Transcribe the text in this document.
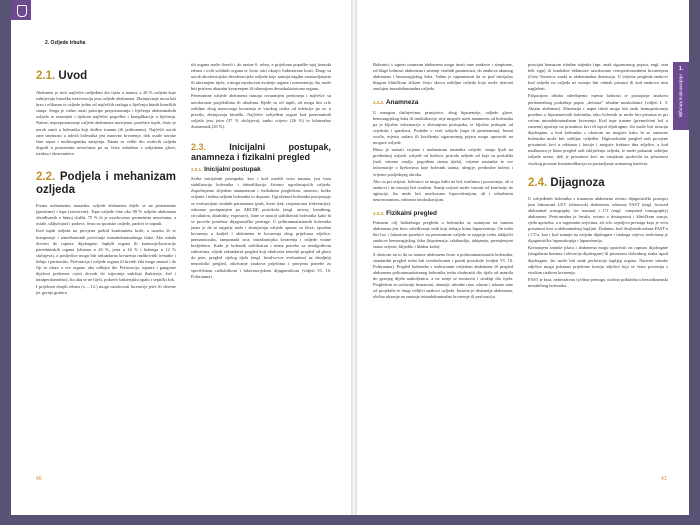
2. Ozljede trbuha
2.1. Uvod

Abdomen je treći najčešće ozlijeđeni dio tijela u traumi, a 20 % ozljeda koje zahtijevaju kiruršku intervenciju jesu ozljede abdomena. Zbrinjavanje mora biti brzo i efikasno te ozljede jedno od najčešćih razloga u liječenju hitnih kirurških stanja. Stoga je važno znati principe prepoznavanja i liječenja abdominalnih ozljeda te razumjeti i tijekom najčešće pogreške i komplikacije u liječenju. Naime, neprepoznavanje ozljeda abdomena navrijeme, posebice tupih, često je uzrok smrti u bolesnika koji dođive traumu (ili politraumu). Najčešći uzrok rane smrtnosti u takvih bolesnika jest masivno krvarenje, dok ostale uzroke čine sepsa i multiorganska zatajenja. Danas se veliki dio ovakvih ozljeda dogodi u prometnim nesrećama pa su često udružene s ozljedama glave, toraksa i ekstremiteta.

2.2. Podjela i mehanizam ozljeda

Prema mehanizmu nastanka, ozljede abdomena dijele se na penetrantne (prodorne) i tupe (zatvorene). Tupe ozljede čine oko 80 % ozljeda abdomena obrađivanih u hitnoj službi, 75 % ih je uzrokovano prometnim nesrećama, a ostale, uključujući i padove, često su sportske ozljede, padovi te napadi.

Kod tupih ozljeda na procjenu prekid kontinuiteta kože, a uzroku ih se kompresije i izmeđunosnih povećanje intraabdominalnoga tlaka. Ako mlada dovesti do rupture dijafragme, šupljih organa ili kontuzije/laceracije parenhimskih organa (slezena u 26 %, jetra u 16 % i bubrega u 12 % slučajeva), a posljedice mogu biti sekundarna krvarenja razlikovitih trenutke i ležaju i peritonitis. Perforacija i ozljede organa ili krvnih žila mogu nastati i do čiji se ulaze u sve organe, ako odbojni dio Perforacija, rupture i gangrene dijelova probavne cijevi dovodi do istjecanja sadržaja (bakterije, žuč i intraperitonealno), što aku se ne liječi, pokreće bakterijsku upalu i septički šok.

I prijelomi donjih rebara (s. – 12.) mogu uzrokovati laceracije jetre ili slezene jer gornja granica

tih organa može doseći i do razine 6. rebra, a prijeloma popuške njoj kontakt rebara i ovih solidnih organa te često otiri okrajci frakturirane kosti. Drugi su uzrok akceleracijsko-deceleracijske ozljede koje nastaju naglim zaustavljanjem ili ubrzanjem tijela, a mogu uzrokovati avulziju organa i mezenterija, što može biti praćeno akutnim krvarenjem ili ishemijom devaskularizirana organa.

Penetrantne ozljede abdomena nastaju otvaranjem peritoneja i najčešće su uzrokovane projektilima ili ubodima. Rjeđe su od tupih, ali mogu biti vrlo ozbiljne zbog masivnoga krvarenja te visokog rizika od infekcije pa se, u pravilu, zbrinjavaju kirurški. Najčešće ozlijeđeni organi kod penetrantnih ozljeda jesu jetra (37 % slučajeva), tanko crijevo (26 %) te bilateralno dvanaesnik (20 %).

2.3.	Inicijalni postupak, anamneza i fizikalni pregled
2.3.1. Inicijalni postupak

Svrha inicijalnih postupaka, kao i kod ostalih vrsta trauma, jest brza stabilizacija bolesnika i identifikacija životno ugrožavajućih ozljeda. Započinjemo slijedom anamnezom i fizikalnim pregledom, naravno, kolko vrijeme i težina ozljeda bolesnika to dopuste. Ugroženost bolesnika procjenjuje se evaluacijom vitalnih parametara (puls, krvni tlak, respiratorna frekvencija), odnosno postupanjem po ABCDE protokolu (engl. airway, breathing, circulation, disability, exposure), čime se nastoji stabilizirati bolesnika kako bi se provele potrebne dijagnostičke pretrage. U politraumatiziranih bolesnika jasno je da se najprije traže i zbrinjavaju ozljede opasne za život: opsežna krvarenja u kralješ i abdomenu te krvarenja zbog prijeloma zdjelice, pneumotoraks, tamponada srca, intrakranijska krvarenja i ozljede vratne kralježnice. Kada je bolesnik stabiliziran i nema potrebe za neodgodivim zahvatima, slijedi sekundarni pregled koji obuhvaća temeljit pregled od glave do pete, pregled cijelog tijela (engl. head-to-toe evaluation) uz detaljniji neurološki pregled, otkrivanje znakova prijeloma i procjenu potrebe za specifičnom radiološkom i laboratorijskom dijagnostikom (vidjeti VI. 10. Politrauma).

Bolesnici s tupom traumom abdomena mogu imati rane znakove i simptome, od blage bolnosti abdomena i smetnji vitalnih parametara, do znakova akutnog abdomena i hemoragijskog šoka. Važno je napomenuti da se pod inicijalno blagom kliničkom slikom često skriva ozbiljna ozljeda koja može skrivati značajna intraabdominalna ozljeda.

2.3.2. Anamneza

U mnogim slučajevima, primjerice, zbog hipotenzije, ozljede glave, hemoragijskog šoka ili intoksikacije, nije moguće uzeti anamnezu od bolesnika pa je ključno informacije o zbivanjima postupaka, te ključno prikupiti od svjedoka i spasilaca. Podatke o vrsti ozljede (tupa ili penetrantna), brzini vozila, mjestu sudara ili korištenju sigurnosnog pojasa mogu upozoriti na moguće ozljede.

Bitno je saznati vrijeme i mehanizam nastanka ozljede, stanja ljudi na prethodnoj ozljedi, ozljede od bodova, priroda ozljede od koje su poslužila (nož, vatreno oružje, pogođena strana tijela), vrijeme nastanka te sve informacije o lijekovima koje bolesnik uzima, alergije, prethodne bolesti i vrijeme posljednjeg obroka.

Ako su pri svijesti, bolesnici se mogu žaliti na bol, mučninu i povraćanje, ali ti znakovi i ne moraju biti izraženi. Stanje svijesti može varirati od konfuzije do agitacije, što može biti uzrokovano hipovolemijom, ali i udruženim neurotraumom, odnosno intoksikacijom.

2.3.3. Fizikalni pregled

Primarni cilj fizikalnoga pregleda u bolesnika sa sumnjom na traumu abdomena jest brzo određivanje onih koji trebaju hitnu laparotomiju. On treba biti brz i fokusiran posebice na penetrantne ozljede te najprije treba isključiti znakove hemoragijskog šoka (hipotenzija, tahikardija, tahipneja, promijenjeni status svijesti, blijedilo i hladna koža).

S obzirom na to da su traume abdomena često u politraumatiziranih bolesnika, standardni pregled treba biti sveobuhvatan i pratiti protokole (vidjeti VI. 10. Politrauma). Pregled bolesnika s indiciranim ozljedom abdomena ili pregled abdomena politraumatiziranog bolesnika treba obuhvatiti dio tijela od mamila do gornjeg dijela natkoljenica, a ne smije se izostaviti i stražnji dio tijela. Pregledom se uočavaju hematomi, abrazije, ubodne rane, ulazne i izlazne rane od projektila te drugi vidljivi znakovi ozljeda. Izrazita je distenzija abdomena, obično ukazuje na znatnije intraabdominalno krvarenje ili perforaciju.

postojati hematom trbušne stijenke (npr. znak sigurnosnog pojasa, engl. seat belt sign) ili lumbalne ekhimoze uzrokovane retroperitonealnim krvarenjem (Grey-Turnerov znak) te abdominalna distenzija. U vrijeme pregleda znakovi kod ozljeda na ozljeda ne moraju biti odmah prisutni ili kod znakova nisu naglašeni.

Palpacijom trbuha određujemo mjesta bolnosti te postojanje znakova peritonealnog podražaja poput „defansa” trbušne muskulature (vidjeti I. 3. Akutni abdomen). Distenzija i napet trbuh mogu biti znak hemoperitoneja posebno u hipotenzivnih bolesnika, tako bolesnik se može biti prisutna ni pri većem intraabdominalnom krvarenju. Kod tupe traume (premošćeni bol u ramenu) upućuje na prisutnost krvi ili ispod dijafragme, što može biti iritacija dijafragme, a kod bolesnika s obzirom na moguće kako bi se sastavno bolesnika može biti ozbiljno ozljeđen. Digitorektalni pregled radi procjene prisutnosti krvi u rektumu i fascije i moguće frakture dna zdjelice, a kod muškaraca je bitan pregled radi isključenja ozljeda, te može pokazati ozbiljne ozljede uretre, dok je prisutnost krvi na vanjskom spolovilu uz prisutnost visokog prostate kontraindikacija za postavljanje urinarnog katetera.

2.4. Dijagnoza

U ozlijeđenih bolesnika s traumom abdomena ovisno dijagnostički postupci jesu fokusirani UZV (ultrazvuk) abdomena, odnosno FAST (engl. focused abdominal sonography for trauma) i CT (engl. computed tomography) abdomena. Peritonealna je lavaža, ovisno o dostupnosti i kliničkom stanju, rjeđa upotreba, a u urgentnim uvjetima, ali vrlo osjetljiva pretraga koja je veća prisutnost krvi u abdominalnoj šupljini. Dodatno, kod dvojbenih nalaza FAST-a i CT-a, kao i kod sumnje na ozljedu dijafragme i tankoga crijeva, indicirana je dijagnostička laparoskopija i laparotomija.

Kreiranjem snimke pluća i abdomena mogu upućivati na rupturu dijafragme (singularna kontura i elevacija dijafragme) ili prisutnost slobodnog zraka ispod dijafragme, što može biti znak perforacije šupljeg organa. Nativne snimke zdjelice mogu pokazati prijelome kostiju zdjelice koji se često povezuju s visokim rizikom krvarenja.

FAST je brza, neinvazivna i jeftina pretraga, osobito prikladna u hemodinamski nestabilnog bolesnika.

1.
Abdominalna kirurgija
40	41
‹	›
